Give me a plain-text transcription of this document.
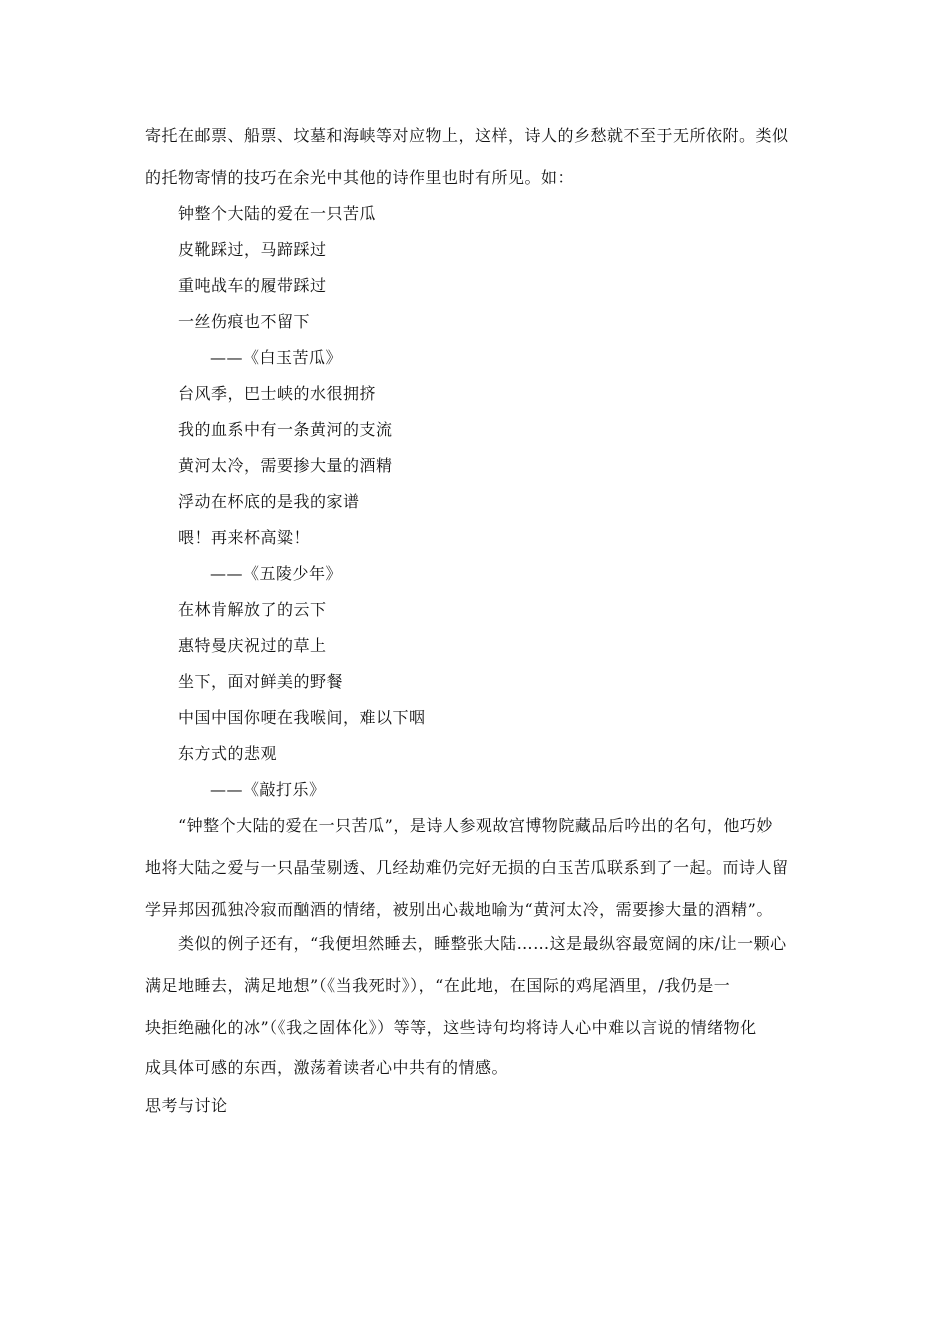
寄托在邮票、船票、坟墓和海峡等对应物上，这样，诗人的乡愁就不至于无所依附。类似
的托物寄情的技巧在余光中其他的诗作里也时有所见。如：
钟整个大陆的爱在一只苦瓜
皮靴踩过，马蹄踩过
重吨战车的履带踩过
一丝伤痕也不留下
——《白玉苦瓜》
台风季，巴士峡的水很拥挤
我的血系中有一条黄河的支流
黄河太冷，需要掺大量的酒精
浮动在杯底的是我的家谱
喂！再来杯高粱！
——《五陵少年》
在林肯解放了的云下
惠特曼庆祝过的草上
坐下，面对鲜美的野餐
中国中国你哽在我喉间，难以下咽
东方式的悲观
——《敲打乐》
“钟整个大陆的爱在一只苦瓜”，是诗人参观故宫博物院藏品后吟出的名句，他巧妙
地将大陆之爱与一只晶莹剔透、几经劫难仍完好无损的白玉苦瓜联系到了一起。而诗人留
学异邦因孤独冷寂而酗酒的情绪，被别出心裁地喻为“黄河太冷，需要掺大量的酒精”。
类似的例子还有，“我便坦然睡去，睡整张大陆……这是最纵容最宽阔的床/让一颗心
满足地睡去，满足地想”（《当我死时》），“在此地，在国际的鸡尾酒里，/我仍是一
块拒绝融化的冰”（《我之固体化》）等等，这些诗句均将诗人心中难以言说的情绪物化
成具体可感的东西，激荡着读者心中共有的情感。
思考与讨论
